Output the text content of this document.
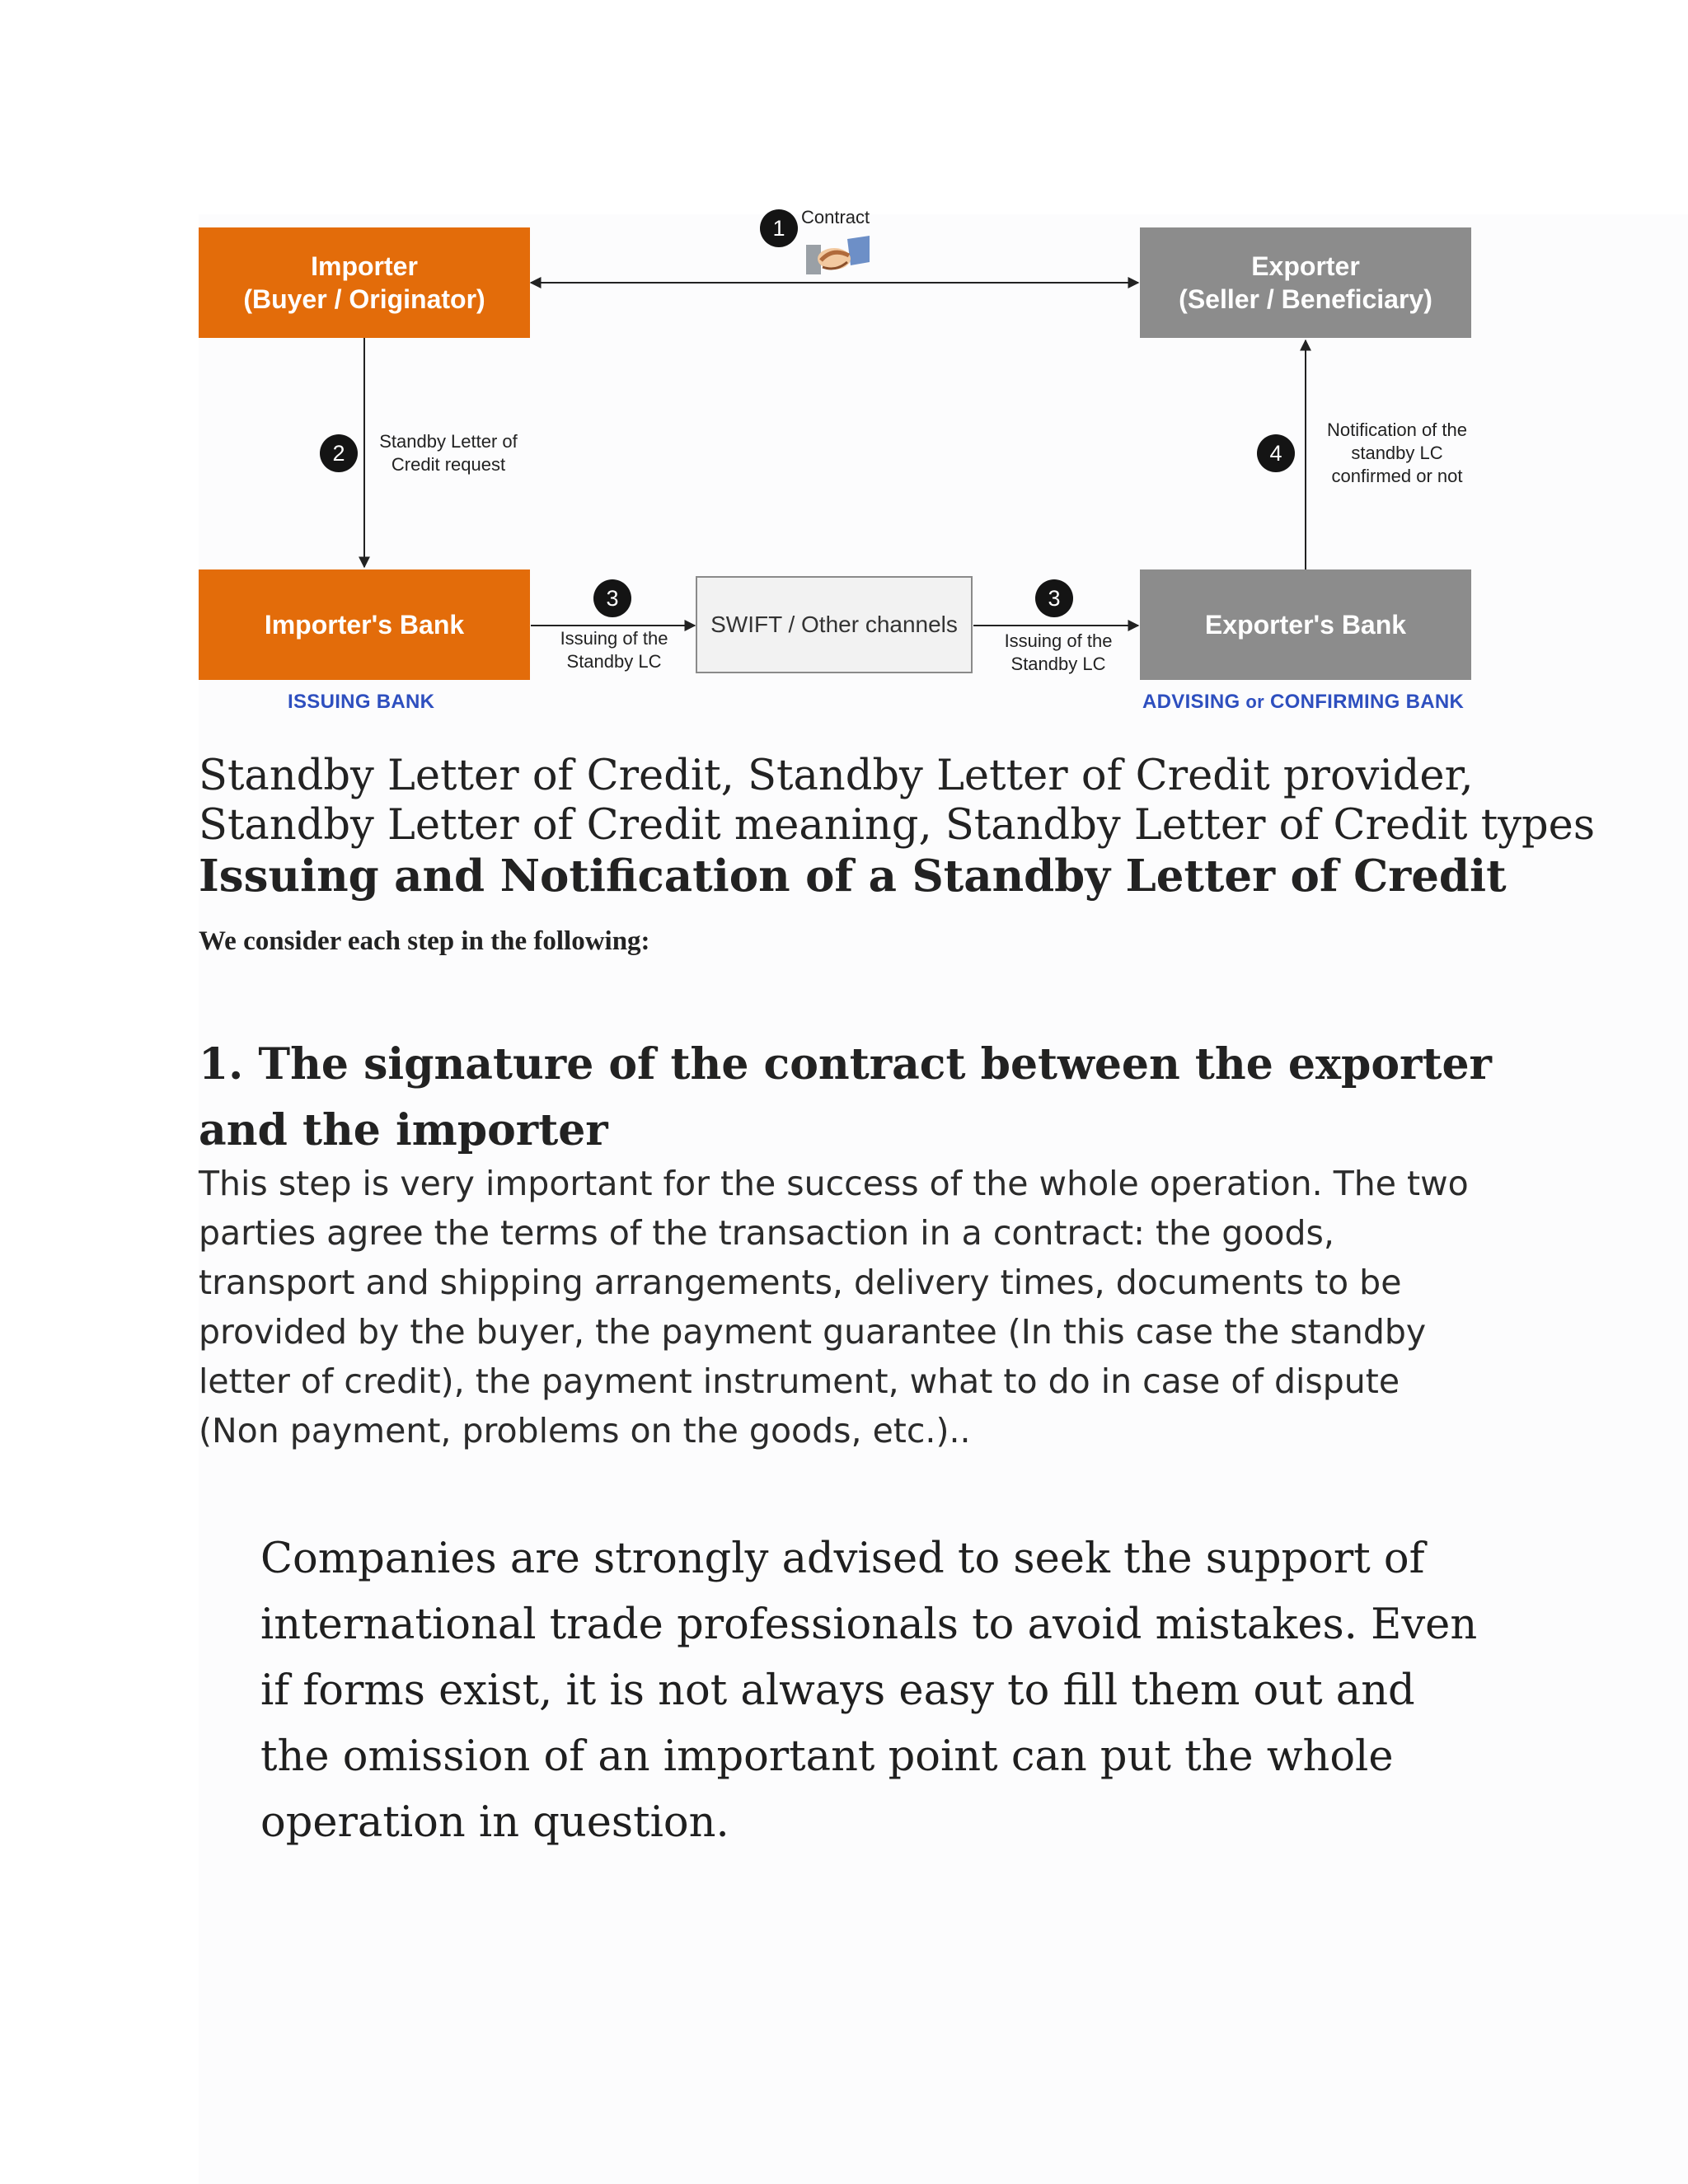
Importer
(Buyer / Originator)
Exporter
(Seller / Beneficiary)
Importer's Bank	Exporter's Bank
SWIFT / Other channels
1 Contract
2	Standby Letter of
Credit request
3
Issuing of the
Standby LC
3
Issuing of the
Standby LC
4
Notification of the
standby LC
confirmed or not
ISSUING BANK	ADVISING or CONFIRMING BANK

Standby Letter of Credit, Standby Letter of Credit provider,

Standby Letter of Credit meaning, Standby Letter of Credit types

Issuing and Notification of a Standby Letter of Credit

We consider each step in the following:

1. The signature of the contract between the exporter and the importer

This step is very important for the success of the whole operation. The two parties agree the terms of the transaction in a contract: the goods, transport and shipping arrangements, delivery times, documents to be provided by the buyer, the payment guarantee (In this case the standby letter of credit), the payment instrument, what to do in case of dispute (Non payment, problems on the goods, etc.)..

Companies are strongly advised to seek the support of international trade professionals to avoid mistakes. Even if forms exist, it is not always easy to fill them out and the omission of an important point can put the whole operation in question.
